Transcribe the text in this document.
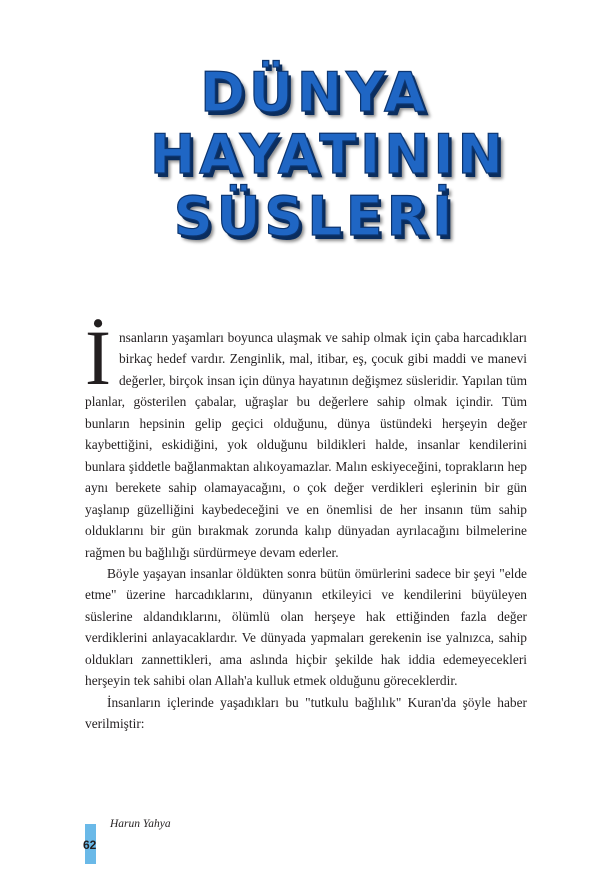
DÜNYA
HAYATININ
SÜSLERİ

İnsanların yaşamları boyunca ulaşmak ve sahip olmak için çaba harcadıkları birkaç hedef vardır. Zenginlik, mal, itibar, eş, çocuk gibi maddi ve manevi değerler, birçok insan için dünya hayatının değişmez süsleridir. Yapılan tüm planlar, gösterilen çabalar, uğraşlar bu değerlere sahip olmak içindir. Tüm bunların hepsinin gelip geçici olduğunu, dünya üstündeki herşeyin değer kaybettiğini, eskidiğini, yok olduğunu bildikleri halde, insanlar kendilerini bunlara şiddetle bağlanmaktan alıkoyamazlar. Malın eskiyeceğini, toprakların hep aynı berekete sahip olamayacağını, o çok değer verdikleri eşlerinin bir gün yaşlanıp güzelliğini kaybedeceğini ve en önemlisi de her insanın tüm sahip olduklarını bir gün bırakmak zorunda kalıp dünyadan ayrılacağını bilmelerine rağmen bu bağlılığı sürdürmeye devam ederler.

Böyle yaşayan insanlar öldükten sonra bütün ömürlerini sadece bir şeyi "elde etme" üzerine harcadıklarını, dünyanın etkileyici ve kendilerini büyüleyen süslerine aldandıklarını, ölümlü olan herşeye hak ettiğinden fazla değer verdiklerini anlayacaklardır. Ve dünyada yapmaları gerekenin ise yalnızca, sahip oldukları zannettikleri, ama aslında hiçbir şekilde hak iddia edemeyecekleri herşeyin tek sahibi olan Allah'a kulluk etmek olduğunu göreceklerdir.

İnsanların içlerinde yaşadıkları bu "tutkulu bağlılık" Kuran'da şöyle haber verilmiştir:

62
Harun Yahya
